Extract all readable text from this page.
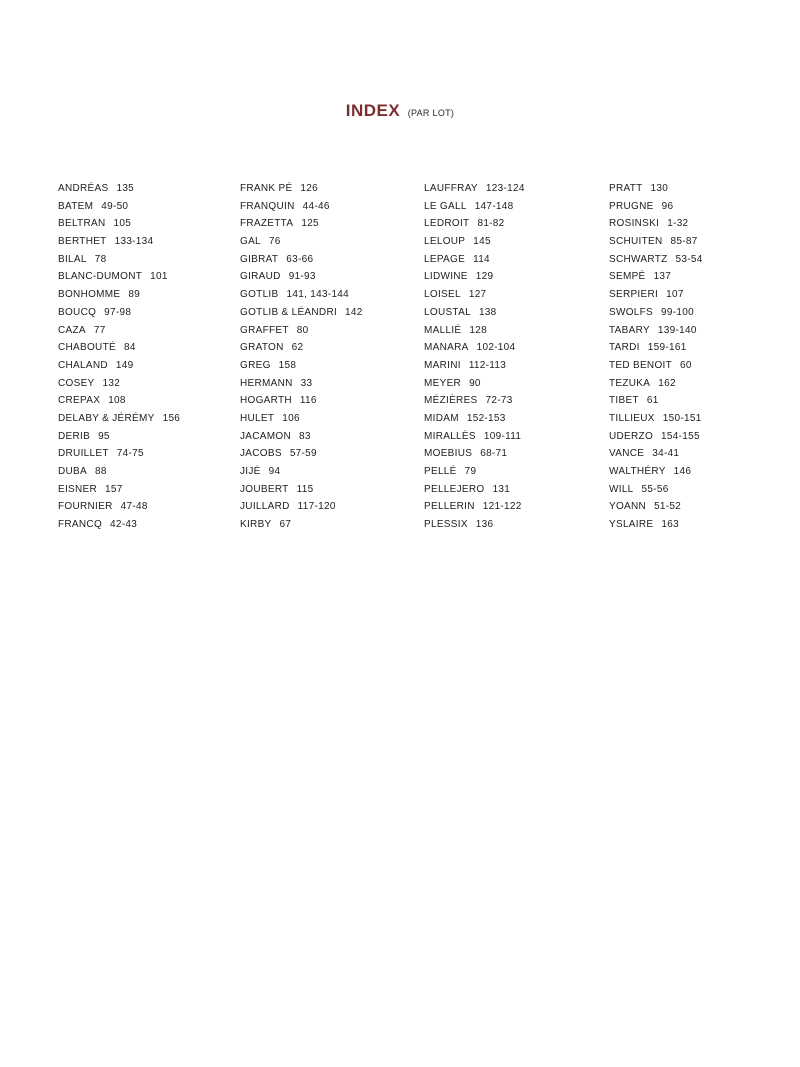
INDEX (PAR LOT)
ANDRÉAS 135
BATEM 49-50
BELTRAN 105
BERTHET 133-134
BILAL 78
BLANC-DUMONT 101
BONHOMME 89
BOUCQ 97-98
CAZA 77
CHABOUTÉ 84
CHALAND 149
COSEY 132
CREPAX 108
DELABY & JÉRÉMY 156
DERIB 95
DRUILLET 74-75
DUBA 88
EISNER 157
FOURNIER 47-48
FRANCQ 42-43
FRANK PÉ 126
FRANQUIN 44-46
FRAZETTA 125
GAL 76
GIBRAT 63-66
GIRAUD 91-93
GOTLIB 141, 143-144
GOTLIB & LÉANDRI 142
GRAFFET 80
GRATON 62
GREG 158
HERMANN 33
HOGARTH 116
HULET 106
JACAMON 83
JACOBS 57-59
JIJÉ 94
JOUBERT 115
JUILLARD 117-120
KIRBY 67
LAUFFRAY 123-124
LE GALL 147-148
LEDROIT 81-82
LELOUP 145
LEPAGE 114
LIDWINE 129
LOISEL 127
LOUSTAL 138
MALLIÉ 128
MANARA 102-104
MARINI 112-113
MEYER 90
MÉZIÈRES 72-73
MIDAM 152-153
MIRALLÈS 109-111
MOEBIUS 68-71
PELLÉ 79
PELLEJERO 131
PELLERIN 121-122
PLESSIX 136
PRATT 130
PRUGNE 96
ROSINSKI 1-32
SCHUITEN 85-87
SCHWARTZ 53-54
SEMPÉ 137
SERPIERI 107
SWOLFS 99-100
TABARY 139-140
TARDI 159-161
TED BENOIT 60
TEZUKA 162
TIBET 61
TILLIEUX 150-151
UDERZO 154-155
VANCE 34-41
WALTHÉRY 146
WILL 55-56
YOANN 51-52
YSLAIRE 163
